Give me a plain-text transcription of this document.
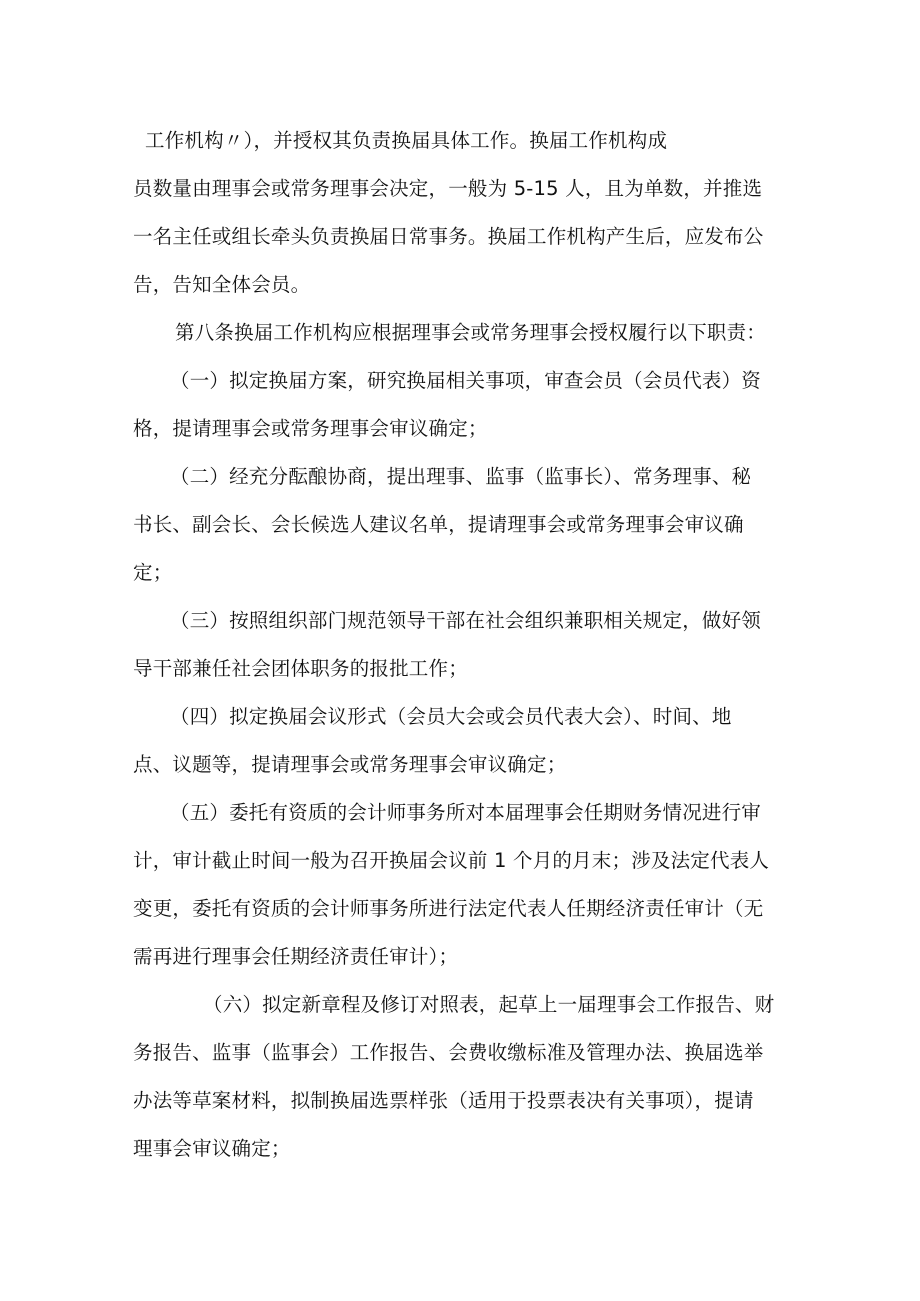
工作机构〃），并授权其负责换届具体工作。换届工作机构成
员数量由理事会或常务理事会决定，一般为 5-15 人，且为单数，并推选
一名主任或组长牵头负责换届日常事务。换届工作机构产生后，应发布公
告，告知全体会员。
第八条换届工作机构应根据理事会或常务理事会授权履行以下职责：
（一）拟定换届方案，研究换届相关事项，审查会员（会员代表）资
格，提请理事会或常务理事会审议确定；
（二）经充分酝酿协商，提出理事、监事（监事长）、常务理事、秘
书长、副会长、会长候选人建议名单，提请理事会或常务理事会审议确
定；
（三）按照组织部门规范领导干部在社会组织兼职相关规定，做好领
导干部兼任社会团体职务的报批工作；
（四）拟定换届会议形式（会员大会或会员代表大会）、时间、地
点、议题等，提请理事会或常务理事会审议确定；
（五）委托有资质的会计师事务所对本届理事会任期财务情况进行审
计，审计截止时间一般为召开换届会议前 1 个月的月末；涉及法定代表人
变更，委托有资质的会计师事务所进行法定代表人任期经济责任审计（无
需再进行理事会任期经济责任审计）；
（六）拟定新章程及修订对照表，起草上一届理事会工作报告、财
务报告、监事（监事会）工作报告、会费收缴标准及管理办法、换届选举
办法等草案材料，拟制换届选票样张（适用于投票表决有关事项），提请
理事会审议确定；
